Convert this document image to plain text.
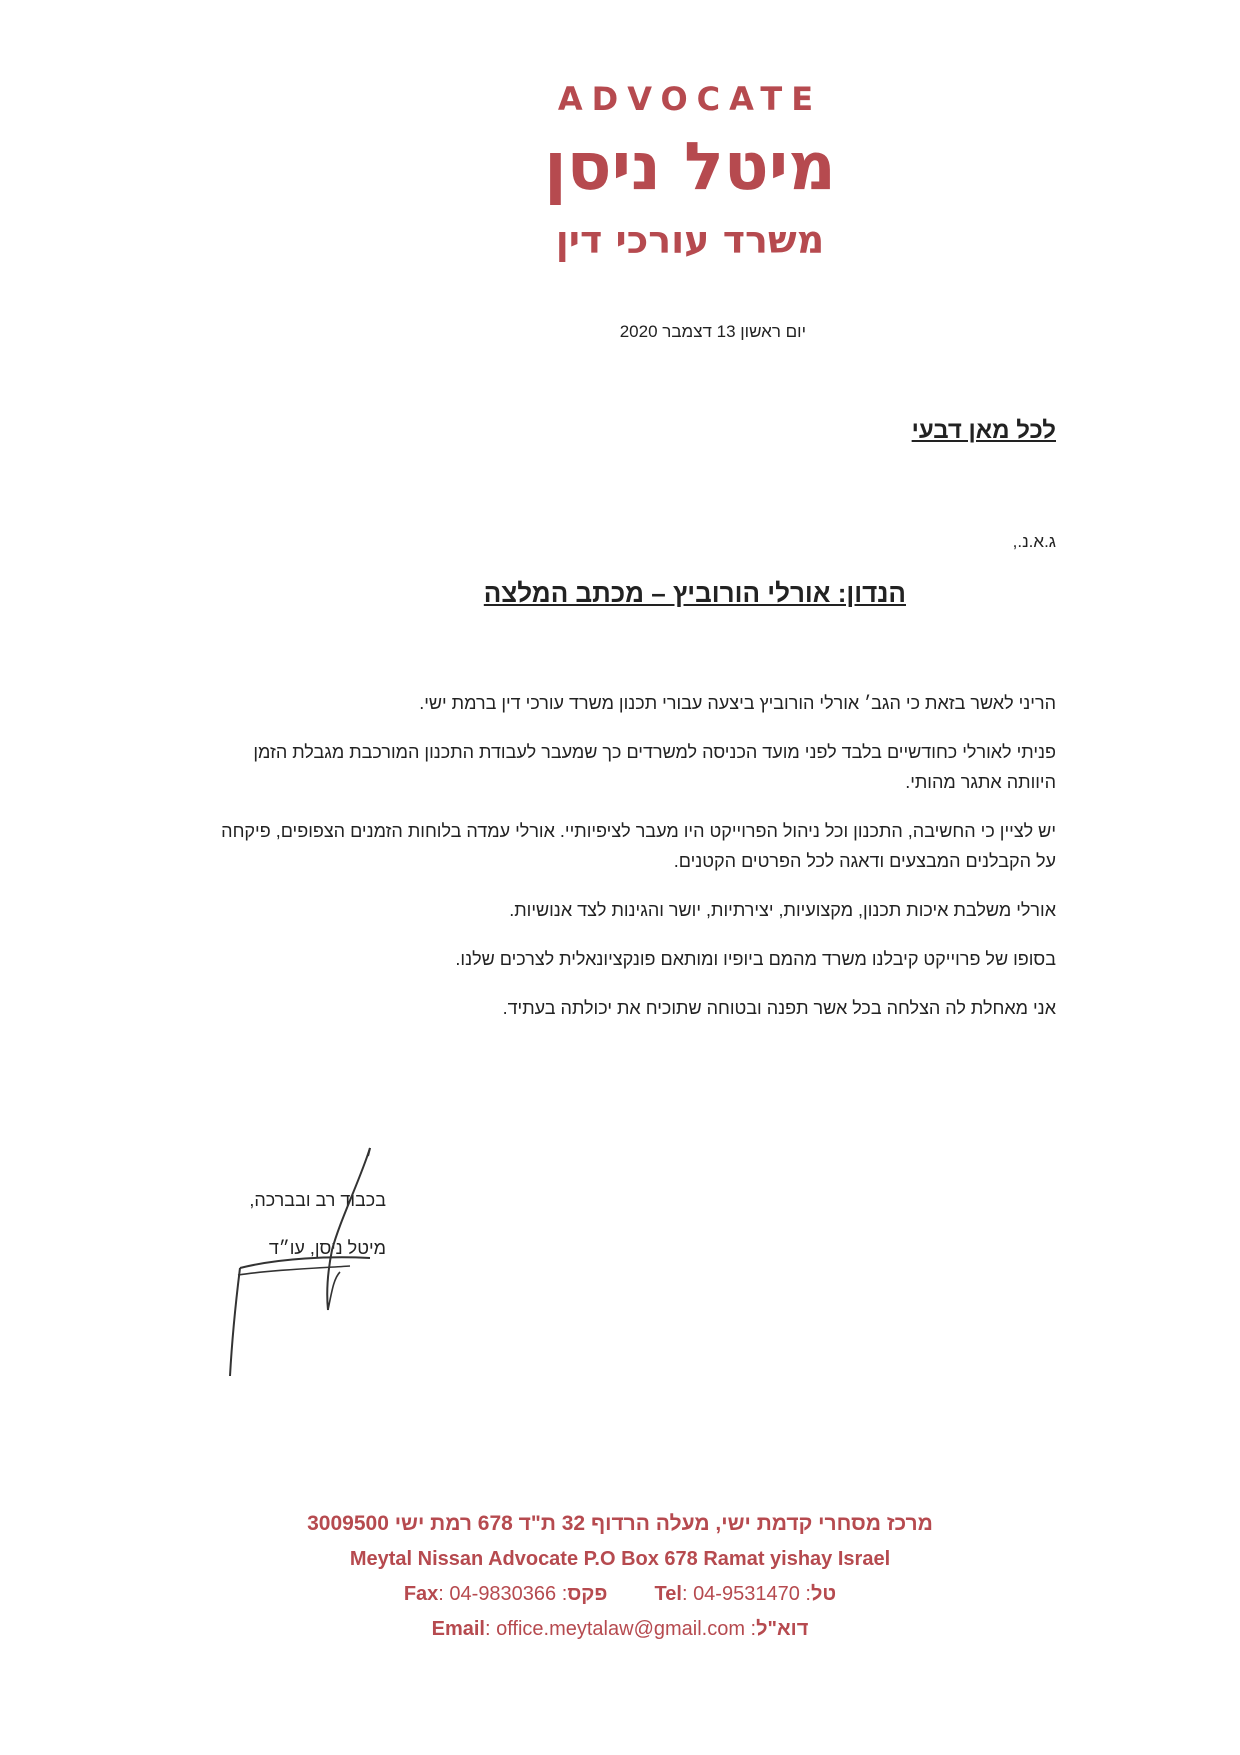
ADVOCATE
מיטל ניסן
משרד עורכי דין
יום ראשון 13 דצמבר 2020
לכל מאן דבעי
ג.א.נ.,
הנדון: אורלי הורוביץ – מכתב המלצה

הריני לאשר בזאת כי הגב׳ אורלי הורוביץ ביצעה עבורי תכנון משרד עורכי דין ברמת ישי.

פניתי לאורלי כחודשיים בלבד לפני מועד הכניסה למשרדים כך שמעבר לעבודת התכנון המורכבת מגבלת הזמן היוותה אתגר מהותי.

יש לציין כי החשיבה, התכנון וכל ניהול הפרוייקט היו מעבר לציפיותיי. אורלי עמדה בלוחות הזמנים הצפופים, פיקחה על הקבלנים המבצעים ודאגה לכל הפרטים הקטנים.

אורלי משלבת איכות תכנון, מקצועיות, יצירתיות, יושר והגינות לצד אנושיות.

בסופו של פרוייקט קיבלנו משרד מהמם ביופיו ומותאם פונקציונאלית לצרכים שלנו.

אני מאחלת לה הצלחה בכל אשר תפנה ובטוחה שתוכיח את יכולתה בעתיד.

בכבוד רב ובברכה,
מיטל ניסן, עו״ד
מרכז מסחרי קדמת ישי, מעלה הרדוף 32 ת"ד 678 רמת ישי 3009500
Meytal Nissan Advocate P.O Box 678 Ramat yishay Israel
Fax: 04-9830366 :פקס Tel: 04-9531470 :טל
Email: office.meytalaw@gmail.com :דוא"ל
